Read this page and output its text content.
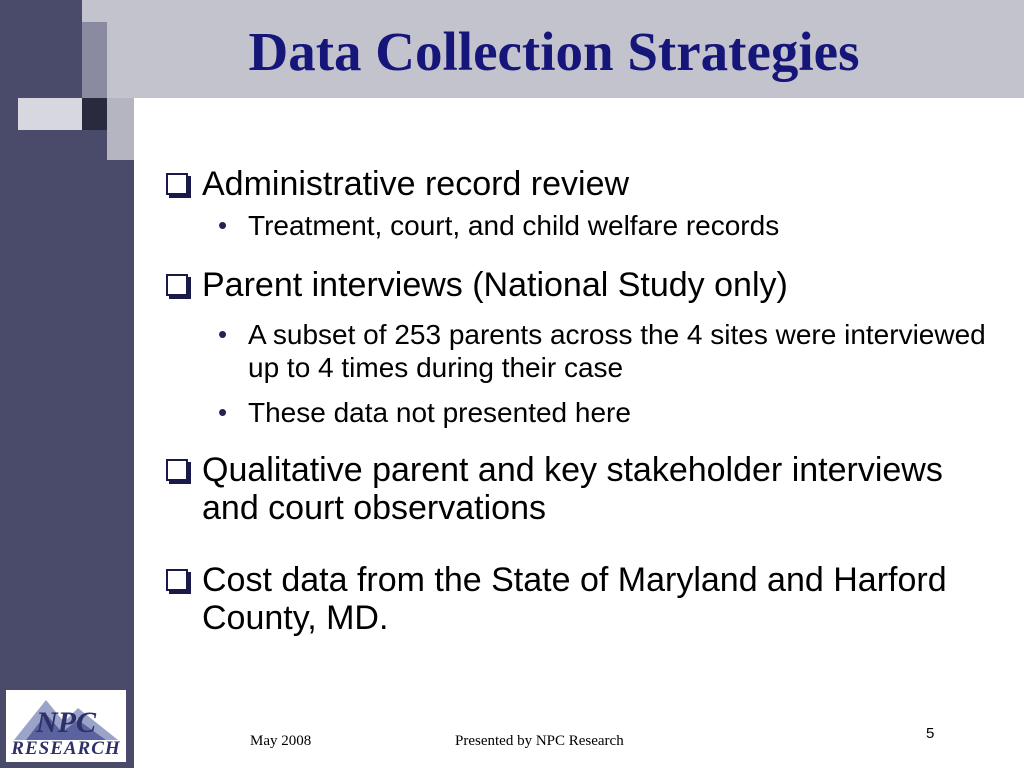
Data Collection Strategies
Administrative record review
• Treatment, court, and child welfare records
Parent interviews (National Study only)
• A subset of 253 parents across the 4 sites were interviewed up to 4 times during their case
• These data not presented here
Qualitative parent and key stakeholder interviews and court observations
Cost data from the State of Maryland and Harford County, MD.
NPC
RESEARCH	May 2008	Presented by NPC Research	5
